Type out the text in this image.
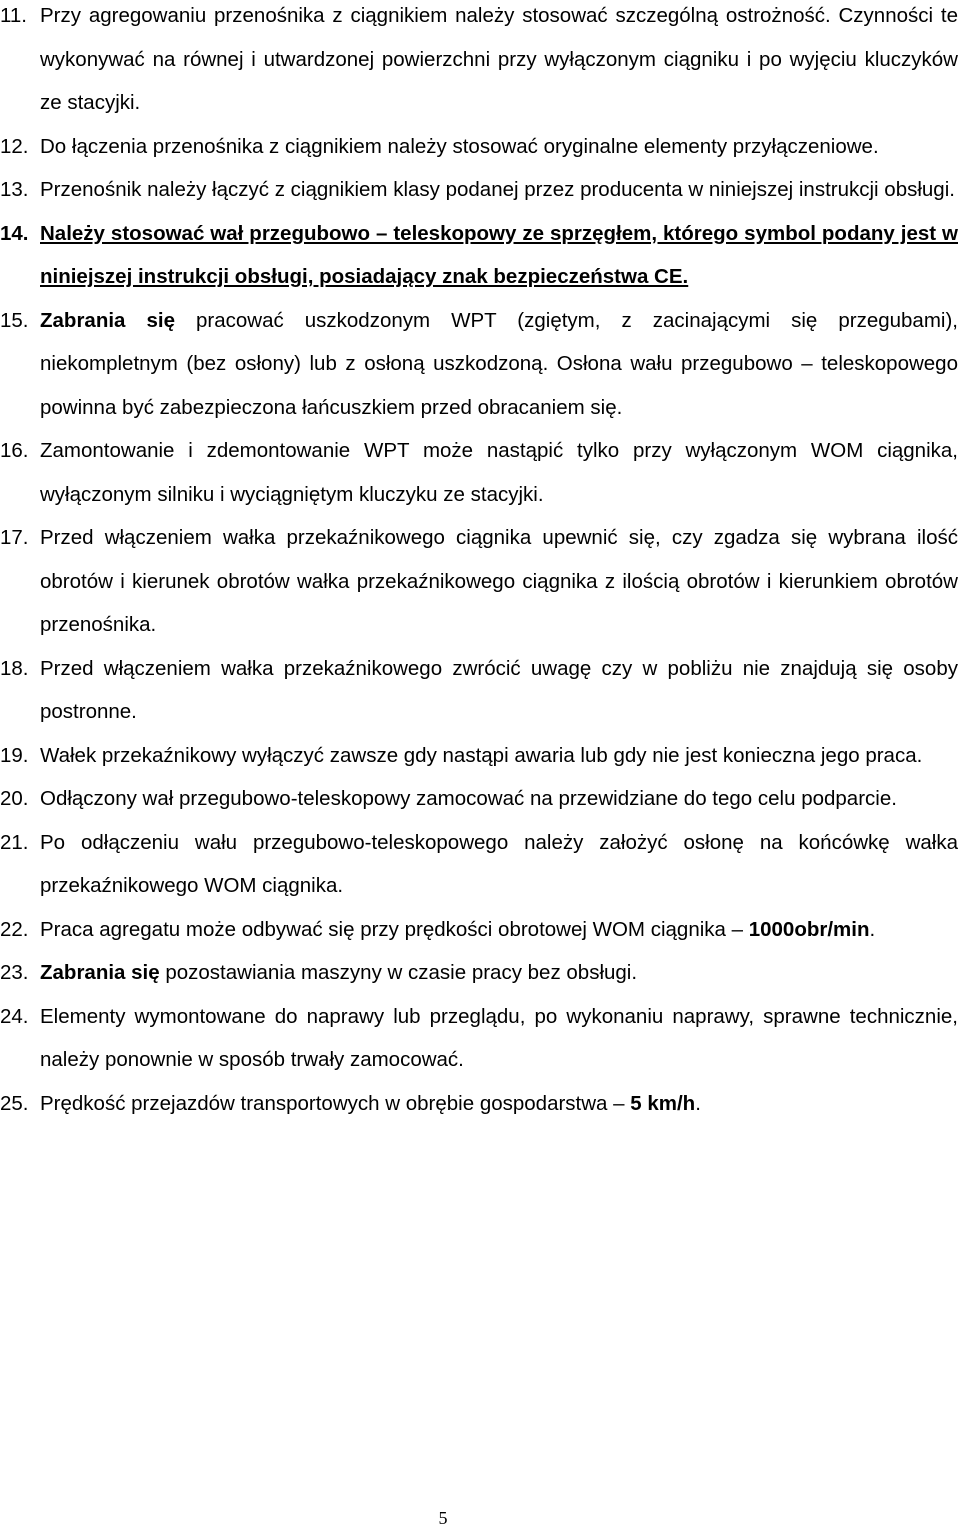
11. Przy agregowaniu przenośnika z ciągnikiem należy stosować szczególną ostrożność. Czynności te wykonywać na równej i utwardzonej powierzchni przy wyłączonym ciągniku i po wyjęciu kluczyków ze stacyjki.
12. Do łączenia przenośnika z ciągnikiem należy stosować oryginalne elementy przyłączeniowe.
13. Przenośnik należy łączyć z ciągnikiem klasy podanej przez producenta w niniejszej instrukcji obsługi.
14. Należy stosować wał przegubowo – teleskopowy ze sprzęgłem, którego symbol podany jest w niniejszej instrukcji obsługi, posiadający znak bezpieczeństwa CE.
15. Zabrania się pracować uszkodzonym WPT (zgiętym, z zacinającymi się przegubami), niekompletnym (bez osłony) lub z osłoną uszkodzoną. Osłona wału przegubowo – teleskopowego powinna być zabezpieczona łańcuszkiem przed obracaniem się.
16. Zamontowanie i zdemontowanie WPT może nastąpić tylko przy wyłączonym WOM ciągnika, wyłączonym silniku i wyciągniętym kluczyku ze stacyjki.
17. Przed włączeniem wałka przekaźnikowego ciągnika upewnić się, czy zgadza się wybrana ilość obrotów i kierunek obrotów wałka przekaźnikowego ciągnika z ilością obrotów i kierunkiem obrotów przenośnika.
18. Przed włączeniem wałka przekaźnikowego zwrócić uwagę czy w pobliżu nie znajdują się osoby postronne.
19. Wałek przekaźnikowy wyłączyć zawsze gdy nastąpi awaria lub gdy nie jest konieczna jego praca.
20. Odłączony wał przegubowo-teleskopowy zamocować na przewidziane do tego celu podparcie.
21. Po odłączeniu wału przegubowo-teleskopowego należy założyć osłonę na końcówkę wałka przekaźnikowego WOM ciągnika.
22. Praca agregatu może odbywać się przy prędkości obrotowej WOM ciągnika – 1000obr/min.
23. Zabrania się pozostawiania maszyny w czasie pracy bez obsługi.
24. Elementy wymontowane do naprawy lub przeglądu, po wykonaniu naprawy, sprawne technicznie, należy ponownie w sposób trwały zamocować.
25. Prędkość przejazdów transportowych w obrębie gospodarstwa – 5 km/h.
5
